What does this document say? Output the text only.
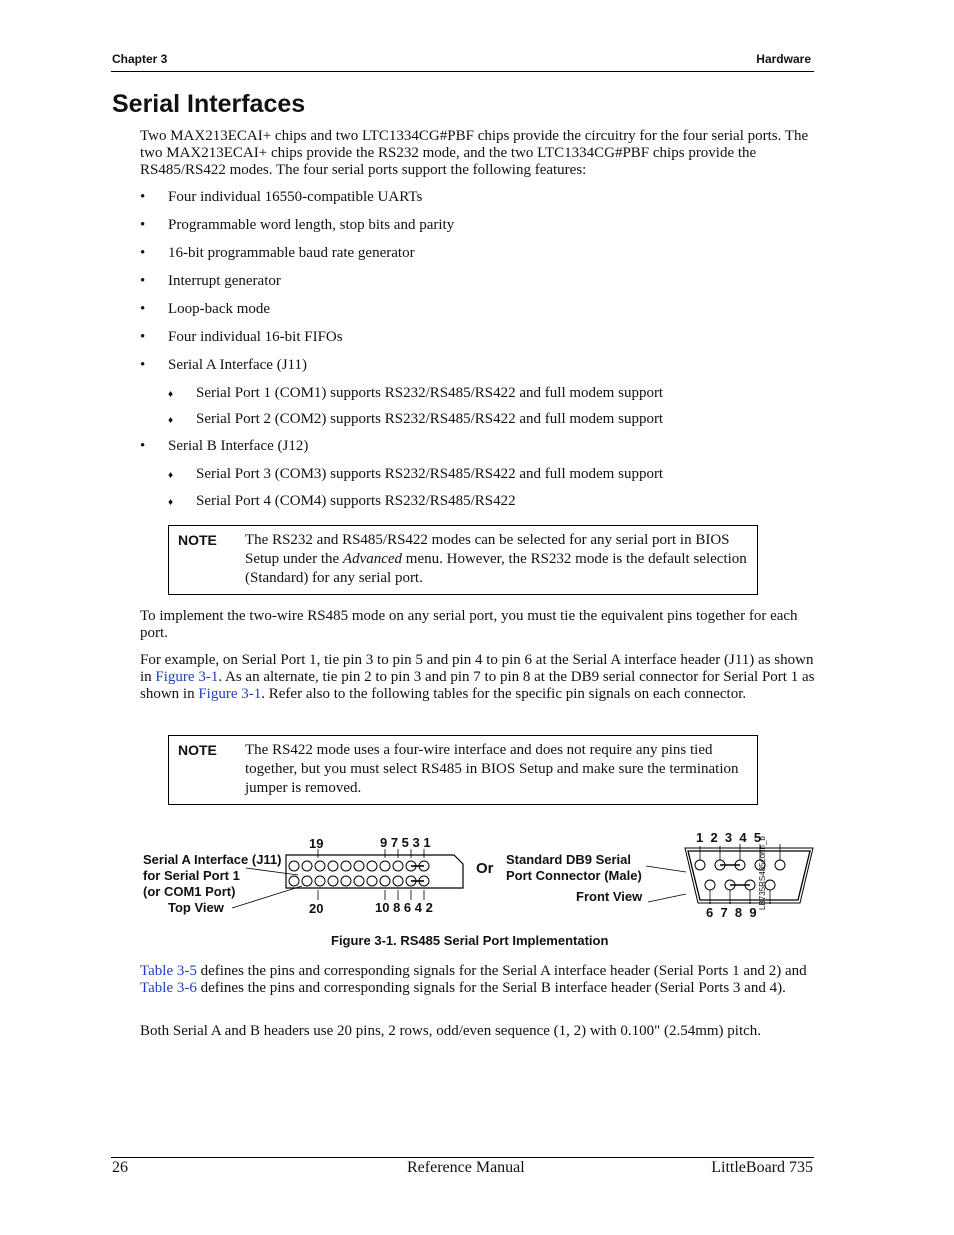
Chapter 3	Hardware
Serial Interfaces

Two MAX213ECAI+ chips and two LTC1334CG#PBF chips provide the circuitry for the four serial ports. The two MAX213ECAI+ chips provide the RS232 mode, and the two LTC1334CG#PBF chips provide the RS485/RS422 modes. The four serial ports support the following features:

•	Four individual 16550-compatible UARTs
•	Programmable word length, stop bits and parity
•	16-bit programmable baud rate generator
•	Interrupt generator
•	Loop-back mode
•	Four individual 16-bit FIFOs
•	Serial A Interface (J11)
♦ Serial Port 1 (COM1) supports RS232/RS485/RS422 and full modem support
♦ Serial Port 2 (COM2) supports RS232/RS485/RS422 and full modem support
•	Serial B Interface (J12)
♦ Serial Port 3 (COM3) supports RS232/RS485/RS422 and full modem support
♦ Serial Port 4 (COM4) supports RS232/RS485/RS422
NOTE The RS232 and RS485/RS422 modes can be selected for any serial port in BIOS Setup under the Advanced menu. However, the RS232 mode is the default selection (Standard) for any serial port.

To implement the two-wire RS485 mode on any serial port, you must tie the equivalent pins together for each port.

For example, on Serial Port 1, tie pin 3 to pin 5 and pin 4 to pin 6 at the Serial A interface header (J11) as shown in Figure 3-1. As an alternate, tie pin 2 to pin 3 and pin 7 to pin 8 at the DB9 serial connector for Serial Port 1 as shown in Figure 3-1. Refer also to the following tables for the specific pin signals on each connector.

NOTE The RS422 mode uses a four-wire interface and does not require any pins tied together, but you must select RS485 in BIOS Setup and make sure the termination jumper is removed.
19	9 7 5 3 1
20	10 8 6 4 2
Serial A Interface (J11)
for Serial Port 1
(or COM1 Port)
Top View
Or
Standard DB9 Serial
Port Connector (Male)
Front View
1  2  3  4  5
6  7  8  9
LB735RS485conn_b
Figure 3-1. RS485 Serial Port Implementation

Table 3-5 defines the pins and corresponding signals for the Serial A interface header (Serial Ports 1 and 2) and Table 3-6 defines the pins and corresponding signals for the Serial B interface header (Serial Ports 3 and 4).

Both Serial A and B headers use 20 pins, 2 rows, odd/even sequence (1, 2) with 0.100" (2.54mm) pitch.

26	Reference Manual	LittleBoard 735
